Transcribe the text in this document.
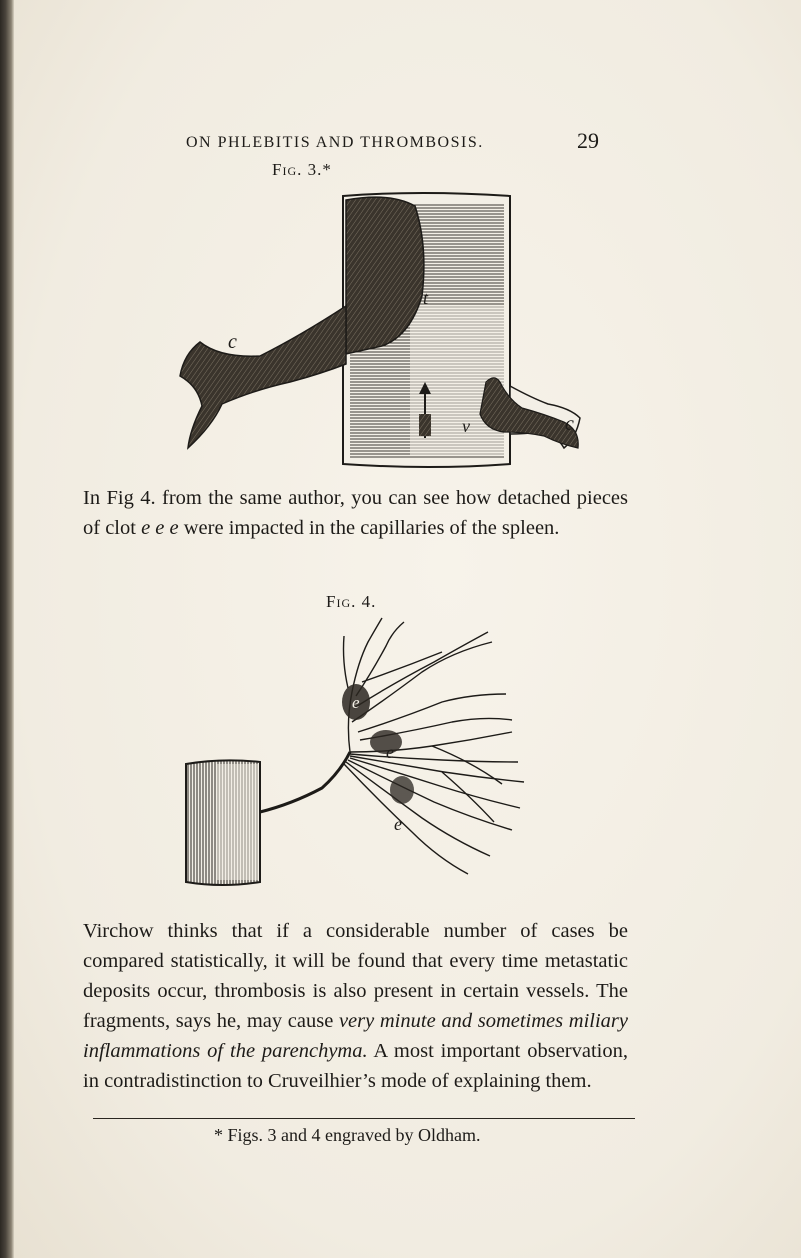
ON PHLEBITIS AND THROMBOSIS.	29
Fig. 3.*
c
t
v	c

In Fig 4. from the same author, you can see how detached pieces of clot e e e were impacted in the capillaries of the spleen.

Fig. 4.
e
e
e

Virchow thinks that if a considerable number of cases be compared statistically, it will be found that every time metastatic deposits occur, thrombosis is also present in certain vessels. The fragments, says he, may cause very minute and sometimes miliary inflammations of the parenchyma. A most important observation, in contradistinction to Cruveilhier’s mode of explaining them.

* Figs. 3 and 4 engraved by Oldham.
